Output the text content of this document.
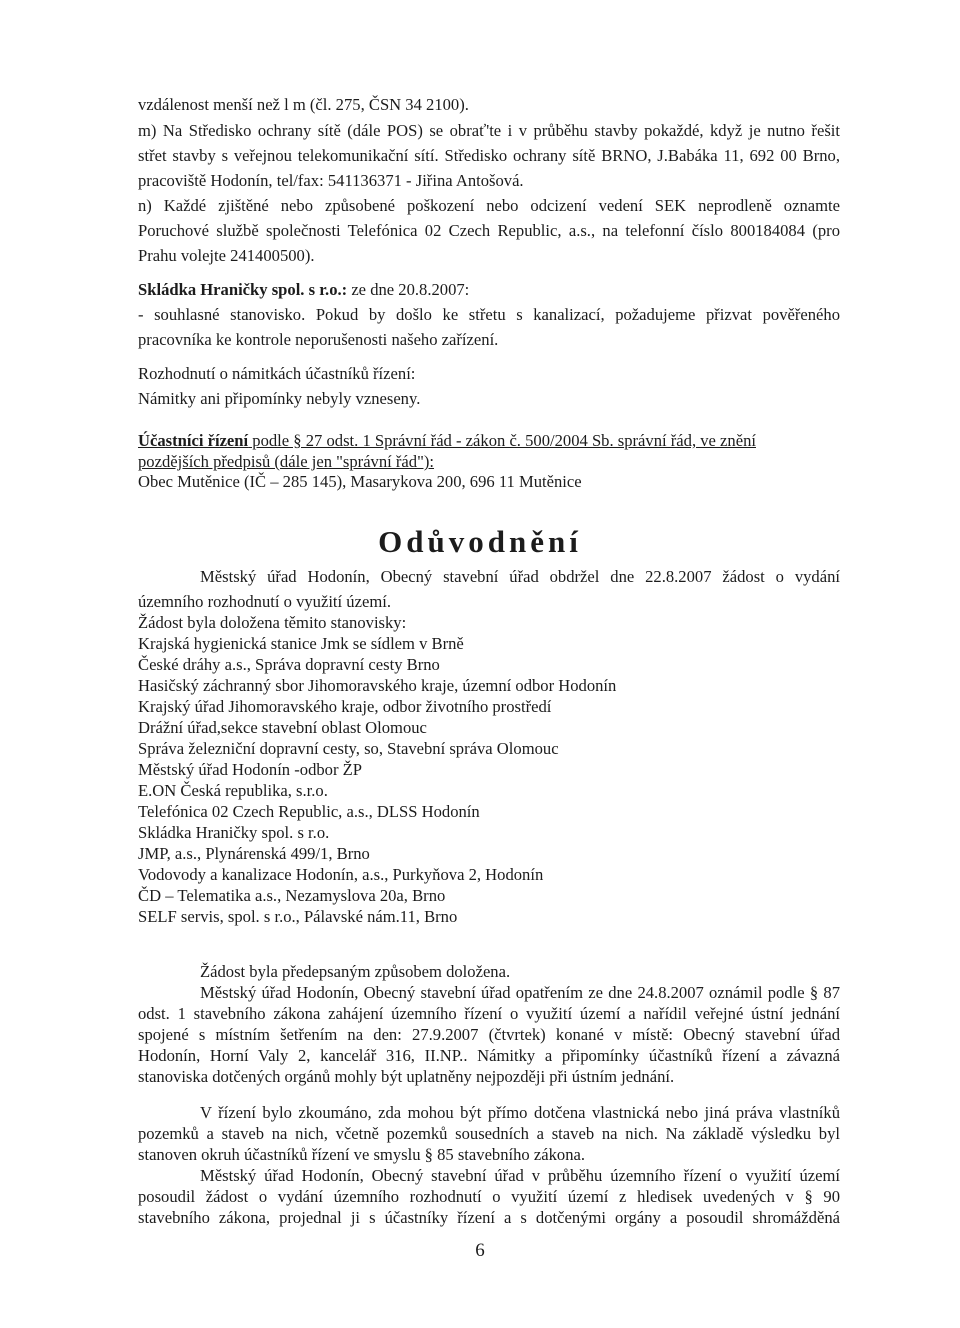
vzdálenost menší než l m (čl. 275, ČSN 34 2100).
m) Na Středisko ochrany sítě (dále POS) se obrať'te i v průběhu stavby pokaždé, když je nutno řešit
střet stavby s veřejnou telekomunikační sítí. Středisko ochrany sítě BRNO, J.Babáka 11, 692 00 Brno,
pracoviště Hodonín, tel/fax: 541136371 - Jiřina Antošová.
n) Každé zjištěné nebo způsobené poškození nebo odcizení vedení SEK neprodleně oznamte
Poruchové službě společnosti Telefónica 02 Czech Republic, a.s., na telefonní číslo 800184084 (pro
Prahu volejte 241400500).
Skládka Hraničky spol. s r.o.: ze dne 20.8.2007:
- souhlasné stanovisko. Pokud by došlo ke střetu s kanalizací, požadujeme přizvat pověřeného
pracovníka ke kontrole neporušenosti našeho zařízení.
Rozhodnutí o námitkách účastníků řízení:
Námitky ani připomínky nebyly vzneseny.
Účastníci řízení podle § 27 odst. 1 Správní řád - zákon č. 500/2004 Sb. správní řád, ve znění
pozdějších předpisů (dále jen "správní řád"):
Obec Mutěnice (IČ – 285 145), Masarykova 200, 696 11 Mutěnice
Odůvodnění
Městský úřad Hodonín, Obecný stavební úřad obdržel dne 22.8.2007 žádost o vydání
územního rozhodnutí o využití území.
Žádost byla doložena těmito stanovisky:
Krajská hygienická stanice Jmk se sídlem v Brně
České dráhy a.s., Správa dopravní cesty Brno
Hasičský záchranný sbor Jihomoravského kraje, územní odbor Hodonín
Krajský úřad Jihomoravského kraje, odbor životního prostředí
Drážní úřad,sekce stavební oblast Olomouc
Správa železniční dopravní cesty, so, Stavební správa Olomouc
Městský úřad Hodonín -odbor ŽP
E.ON Česká republika, s.r.o.
Telefónica 02 Czech Republic, a.s., DLSS Hodonín
Skládka Hraničky spol. s r.o.
JMP, a.s., Plynárenská 499/1, Brno
Vodovody a kanalizace Hodonín, a.s., Purkyňova 2, Hodonín
ČD – Telematika a.s., Nezamyslova 20a, Brno
SELF servis, spol. s r.o., Pálavské nám.11, Brno
Žádost byla předepsaným způsobem doložena.
Městský úřad Hodonín, Obecný stavební úřad opatřením ze dne 24.8.2007 oznámil podle § 87
odst. 1 stavebního zákona zahájení územního řízení o využití území a nařídil veřejné ústní jednání
spojené s místním šetřením na den: 27.9.2007 (čtvrtek) konané v místě: Obecný stavební úřad
Hodonín, Horní Valy 2, kancelář 316, II.NP.. Námitky a připomínky účastníků řízení a závazná
stanoviska dotčených orgánů mohly být uplatněny nejpozději při ústním jednání.
V řízení bylo zkoumáno, zda mohou být přímo dotčena vlastnická nebo jiná práva vlastníků
pozemků a staveb na nich, včetně pozemků sousedních a staveb na nich. Na základě výsledku byl
stanoven okruh účastníků řízení ve smyslu § 85 stavebního zákona.
Městský úřad Hodonín, Obecný stavební úřad v průběhu územního řízení o využití území
posoudil žádost o vydání územního rozhodnutí o využití území z hledisek uvedených v § 90
stavebního zákona, projednal ji s účastníky řízení a s dotčenými orgány a posoudil shromážděná
6
